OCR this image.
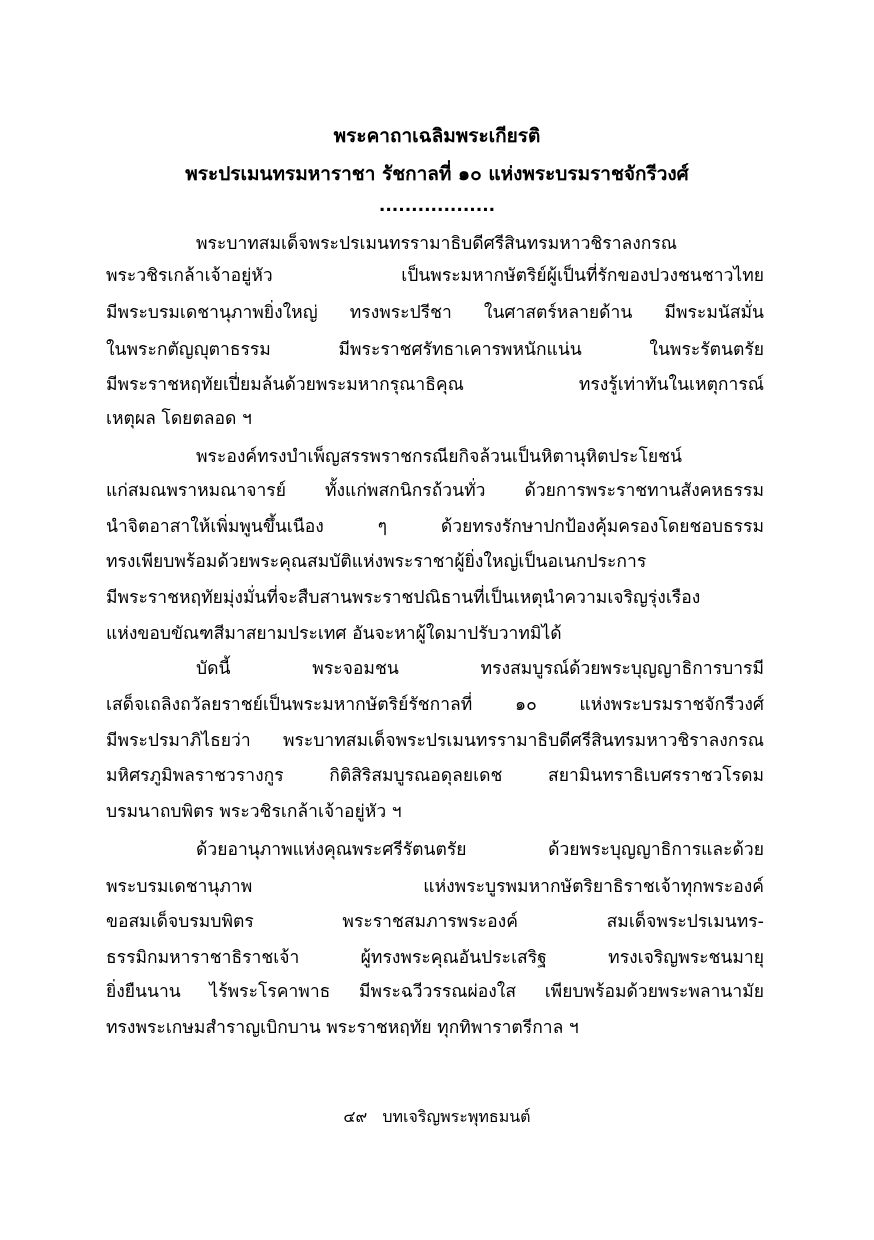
พระคาถาเฉลิมพระเกียรติ
พระปรเมนทรมหาราชา รัชกาลที่ ๑๐ แห่งพระบรมราชจักรีวงศ์
..................
พระบาทสมเด็จพระปรเมนทรรามาธิบดีศรีสินทรมหาวชิราลงกรณ
พระวชิรเกล้าเจ้าอยู่หัว เป็นพระมหากษัตริย์ผู้เป็นที่รักของปวงชนชาวไทย
มีพระบรมเดชานุภาพยิ่งใหญ่ ทรงพระปรีชา ในศาสตร์หลายด้าน มีพระมนัสมั่น
ในพระกตัญญุตาธรรม มีพระราชศรัทธาเคารพหนักแน่น ในพระรัตนตรัย
มีพระราชหฤทัยเปี่ยมล้นด้วยพระมหากรุณาธิคุณ ทรงรู้เท่าทันในเหตุการณ์
เหตุผล โดยตลอด ฯ
พระองค์ทรงบำเพ็ญสรรพราชกรณียกิจล้วนเป็นหิตานุหิตประโยชน์
แก่สมณพราหมณาจารย์ ทั้งแก่พสกนิกรถ้วนทั่ว ด้วยการพระราชทานสังคหธรรม
นำจิตอาสาให้เพิ่มพูนขึ้นเนือง ๆ ด้วยทรงรักษาปกป้องคุ้มครองโดยชอบธรรม
ทรงเพียบพร้อมด้วยพระคุณสมบัติแห่งพระราชาผู้ยิ่งใหญ่เป็นอเนกประการ
มีพระราชหฤทัยมุ่งมั่นที่จะสืบสานพระราชปณิธานที่เป็นเหตุนำความเจริญรุ่งเรือง
แห่งขอบขัณฑสีมาสยามประเทศ อันจะหาผู้ใดมาปรับวาทมิได้
บัดนี้ พระจอมชน ทรงสมบูรณ์ด้วยพระบุญญาธิการบารมี
เสด็จเถลิงถวัลยราชย์เป็นพระมหากษัตริย์รัชกาลที่ ๑๐ แห่งพระบรมราชจักรีวงศ์
มีพระปรมาภิไธยว่า พระบาทสมเด็จพระปรเมนทรรามาธิบดีศรีสินทรมหาวชิราลงกรณ
มหิศรภูมิพลราชวรางกูร กิติสิริสมบูรณอดุลยเดช สยามินทราธิเบศรราชวโรดม
บรมนาถบพิตร พระวชิรเกล้าเจ้าอยู่หัว ฯ
ด้วยอานุภาพแห่งคุณพระศรีรัตนตรัย ด้วยพระบุญญาธิการและด้วย
พระบรมเดชานุภาพ แห่งพระบูรพมหากษัตริยาธิราชเจ้าทุกพระองค์
ขอสมเด็จบรมบพิตร พระราชสมภารพระองค์ สมเด็จพระปรเมนทร-
ธรรมิกมหาราชาธิราชเจ้า ผู้ทรงพระคุณอันประเสริฐ ทรงเจริญพระชนมายุ
ยิ่งยืนนาน ไร้พระโรคาพาธ มีพระฉวีวรรณผ่องใส เพียบพร้อมด้วยพระพลานามัย
ทรงพระเกษมสำราญเบิกบาน พระราชหฤทัย ทุกทิพาราตรีกาล ฯ
๔๙ บทเจริญพระพุทธมนต์
